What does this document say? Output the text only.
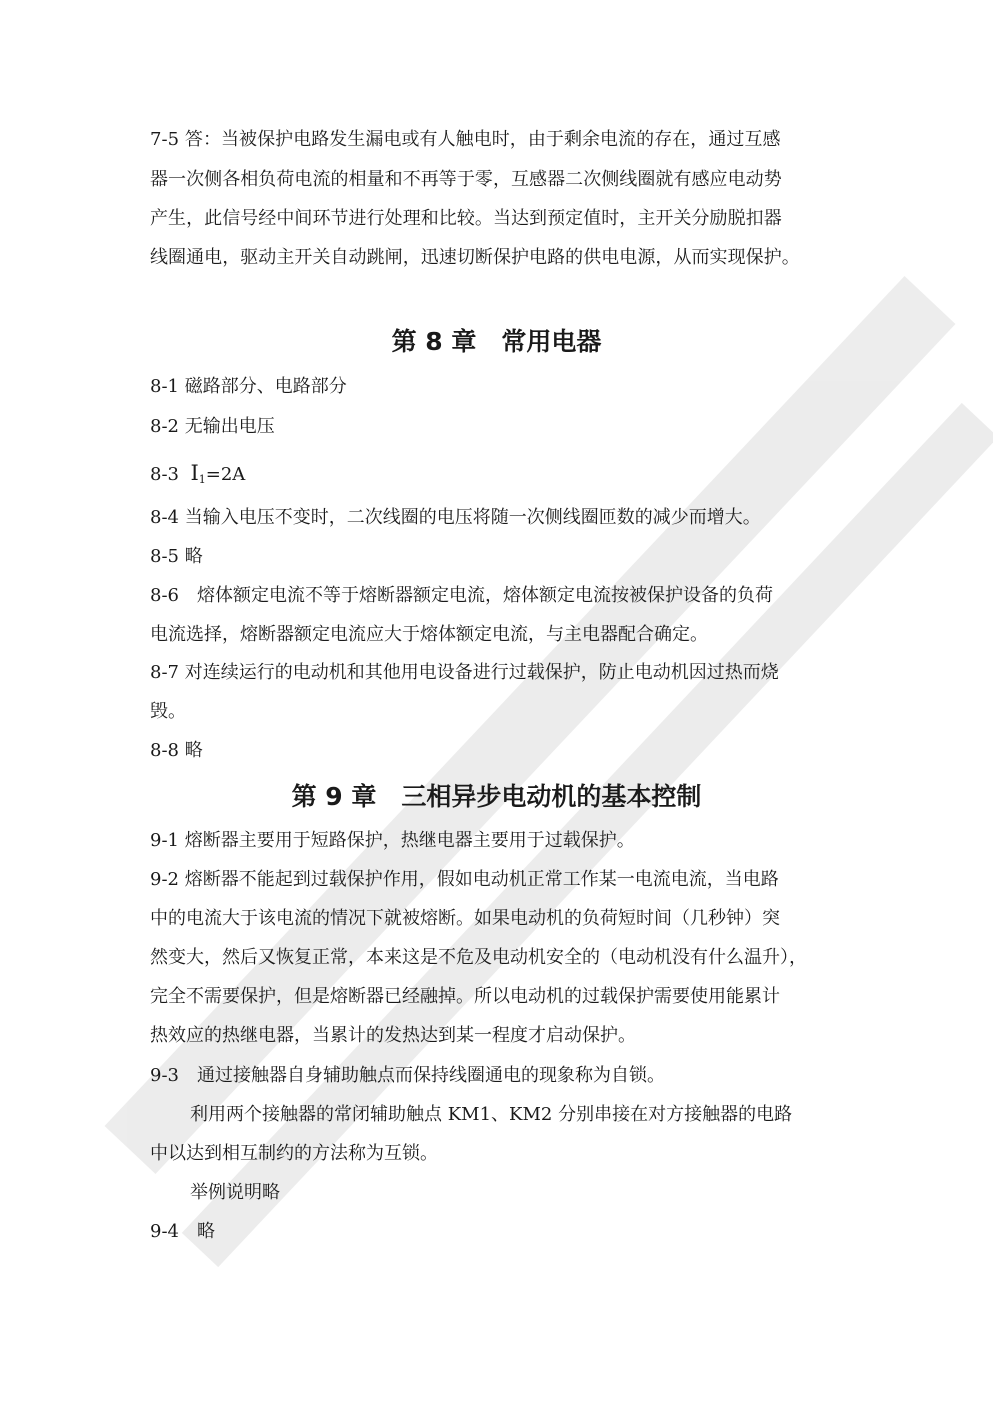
7-5 答：当被保护电路发生漏电或有人触电时，由于剩余电流的存在，通过互感
器一次侧各相负荷电流的相量和不再等于零，互感器二次侧线圈就有感应电动势
产生，此信号经中间环节进行处理和比较。当达到预定值时，主开关分励脱扣器
线圈通电，驱动主开关自动跳闸，迅速切断保护电路的供电电源，从而实现保护。
第 8 章　常用电器
8-1 磁路部分、电路部分
8-2 无输出电压
8-3 $I_1=2A$
8-4 当输入电压不变时，二次线圈的电压将随一次侧线圈匝数的减少而增大。
8-5 略
8-6　熔体额定电流不等于熔断器额定电流，熔体额定电流按被保护设备的负荷
电流选择，熔断器额定电流应大于熔体额定电流，与主电器配合确定。
8-7 对连续运行的电动机和其他用电设备进行过载保护，防止电动机因过热而烧
毁。
8-8 略
第 9 章　三相异步电动机的基本控制
9-1 熔断器主要用于短路保护，热继电器主要用于过载保护。
9-2 熔断器不能起到过载保护作用，假如电动机正常工作某一电流电流，当电路
中的电流大于该电流的情况下就被熔断。如果电动机的负荷短时间（几秒钟）突
然变大，然后又恢复正常，本来这是不危及电动机安全的（电动机没有什么温升），
完全不需要保护，但是熔断器已经融掉。所以电动机的过载保护需要使用能累计
热效应的热继电器，当累计的发热达到某一程度才启动保护。
9-3　通过接触器自身辅助触点而保持线圈通电的现象称为自锁。
利用两个接触器的常闭辅助触点 KM1、KM2 分别串接在对方接触器的电路
中以达到相互制约的方法称为互锁。
举例说明略
9-4　略
